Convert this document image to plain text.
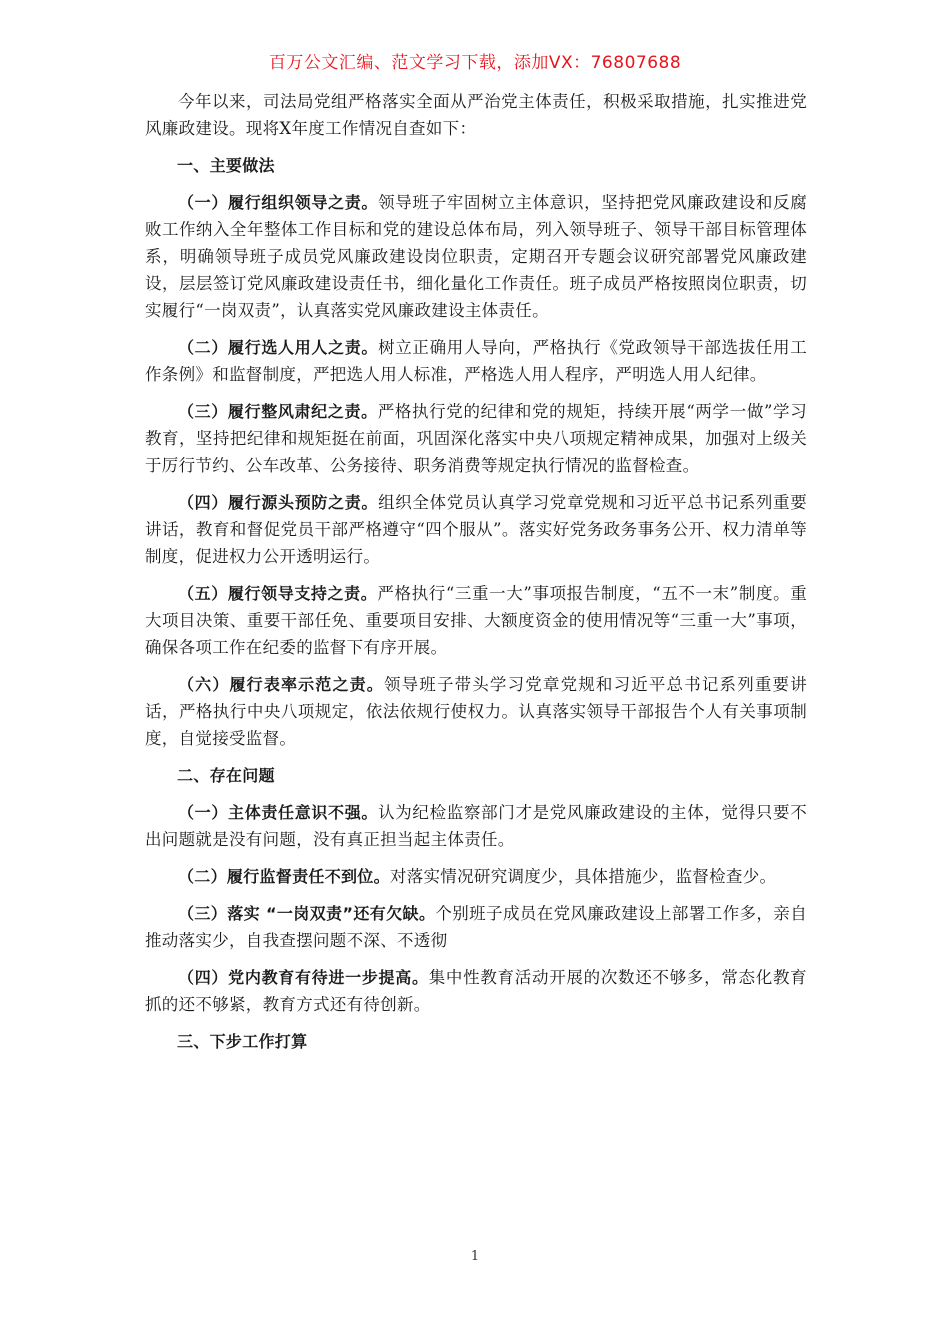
百万公文汇编、范文学习下载，添加VX：76807688

今年以来，司法局党组严格落实全面从严治党主体责任，积极采取措施，扎实推进党风廉政建设。现将X年度工作情况自查如下：

一、主要做法

（一）履行组织领导之责。领导班子牢固树立主体意识，坚持把党风廉政建设和反腐败工作纳入全年整体工作目标和党的建设总体布局，列入领导班子、领导干部目标管理体系，明确领导班子成员党风廉政建设岗位职责，定期召开专题会议研究部署党风廉政建设，层层签订党风廉政建设责任书，细化量化工作责任。班子成员严格按照岗位职责，切实履行“一岗双责”，认真落实党风廉政建设主体责任。

（二）履行选人用人之责。树立正确用人导向，严格执行《党政领导干部选拔任用工作条例》和监督制度，严把选人用人标准，严格选人用人程序，严明选人用人纪律。

（三）履行整风肃纪之责。严格执行党的纪律和党的规矩，持续开展“两学一做”学习教育，坚持把纪律和规矩挺在前面，巩固深化落实中央八项规定精神成果，加强对上级关于厉行节约、公车改革、公务接待、职务消费等规定执行情况的监督检查。

（四）履行源头预防之责。组织全体党员认真学习党章党规和习近平总书记系列重要讲话，教育和督促党员干部严格遵守“四个服从”。落实好党务政务事务公开、权力清单等制度，促进权力公开透明运行。

（五）履行领导支持之责。严格执行“三重一大”事项报告制度，“五不一末”制度。重大项目决策、重要干部任免、重要项目安排、大额度资金的使用情况等“三重一大”事项，确保各项工作在纪委的监督下有序开展。

（六）履行表率示范之责。领导班子带头学习党章党规和习近平总书记系列重要讲话，严格执行中央八项规定，依法依规行使权力。认真落实领导干部报告个人有关事项制度，自觉接受监督。

二、存在问题

（一）主体责任意识不强。认为纪检监察部门才是党风廉政建设的主体，觉得只要不出问题就是没有问题，没有真正担当起主体责任。

（二）履行监督责任不到位。对落实情况研究调度少，具体措施少，监督检查少。

（三）落实 “一岗双责”还有欠缺。个别班子成员在党风廉政建设上部署工作多，亲自推动落实少，自我查摆问题不深、不透彻

（四）党内教育有待进一步提高。集中性教育活动开展的次数还不够多，常态化教育抓的还不够紧，教育方式还有待创新。

三、下步工作打算

1
